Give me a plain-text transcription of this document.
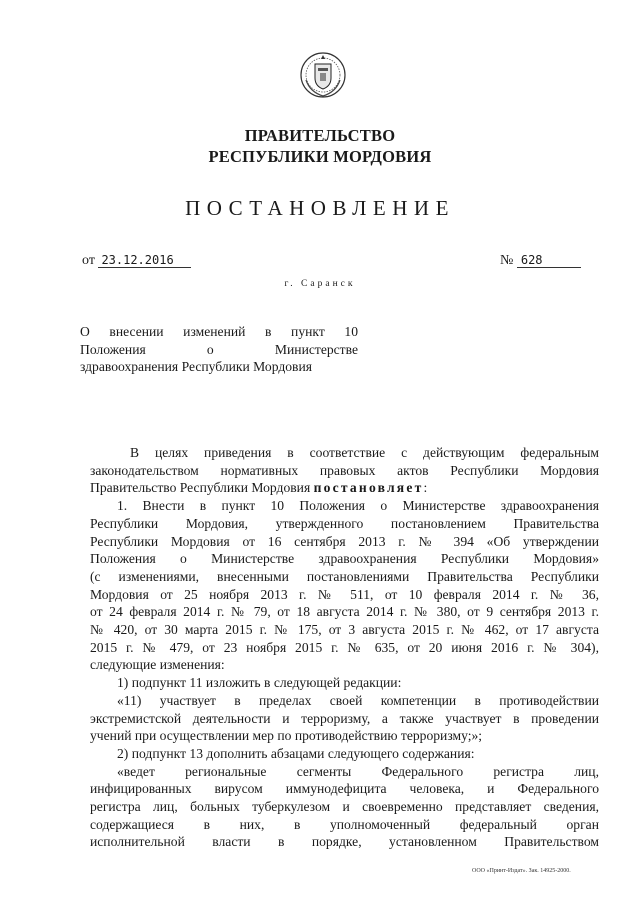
ПРАВИТЕЛЬСТВО
РЕСПУБЛИКИ МОРДОВИЯ
ПОСТАНОВЛЕНИЕ
от 23.12.2016	№ 628
г. Саранск
О внесении изменений в пункт 10
Положения о Министерстве
здравоохранения Республики Мордовия
В целях приведения в соответствие с действующим федеральным
законодательством нормативных правовых актов Республики Мордовия
Правительство Республики Мордовия постановляет:
1. Внести в пункт 10 Положения о Министерстве здравоохранения
Республики Мордовия, утвержденного постановлением Правительства
Республики Мордовия от 16 сентября 2013 г. № 394 «Об утверждении
Положения о Министерстве здравоохранения Республики Мордовия»
(с изменениями, внесенными постановлениями Правительства Республики
Мордовия от 25 ноября 2013 г. № 511, от 10 февраля 2014 г. № 36,
от 24 февраля 2014 г. № 79, от 18 августа 2014 г. № 380, от 9 сентября 2013 г.
№ 420, от 30 марта 2015 г. № 175, от 3 августа 2015 г. № 462, от 17 августа
2015 г. № 479, от 23 ноября 2015 г. № 635, от 20 июня 2016 г. № 304),
следующие изменения:
1) подпункт 11 изложить в следующей редакции:
«11) участвует в пределах своей компетенции в противодействии
экстремистской деятельности и терроризму, а также участвует в проведении
учений при осуществлении мер по противодействию терроризму;»;
2) подпункт 13 дополнить абзацами следующего содержания:
«ведет региональные сегменты Федерального регистра лиц,
инфицированных вирусом иммунодефицита человека, и Федерального
регистра лиц, больных туберкулезом и своевременно представляет сведения,
содержащиеся в них, в уполномоченный федеральный орган
исполнительной власти в порядке, установленном Правительством
ООО «Принт-Издат». Зак. 14925-2000.
